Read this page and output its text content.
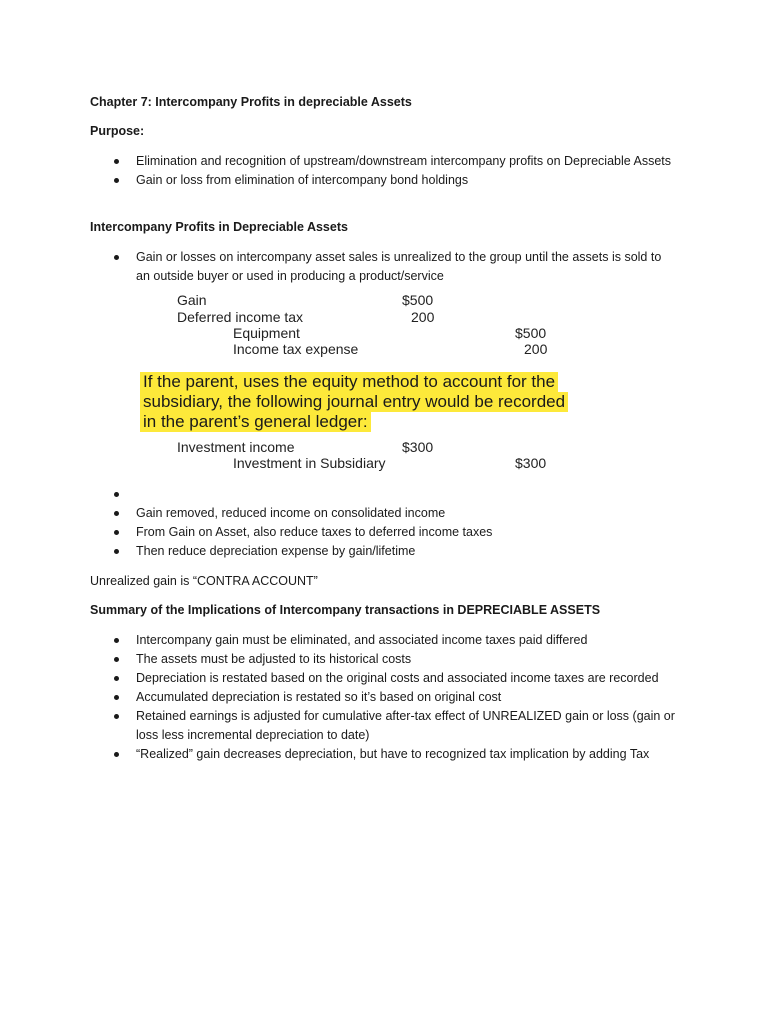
Chapter 7: Intercompany Profits in depreciable Assets

Purpose:

Elimination and recognition of upstream/downstream intercompany profits on Depreciable Assets
Gain or loss from elimination of intercompany bond holdings

Intercompany Profits in Depreciable Assets

Gain or losses on intercompany asset sales is unrealized to the group until the assets is sold to an outside buyer or used in producing a product/service
Gain	$500
Deferred income tax	200
Equipment	$500
Income tax expense	200
If the parent, uses the equity method to account for the
subsidiary, the following journal entry would be recorded
in the parent’s general ledger:
Investment income	$300
Investment in Subsidiary	$300

Gain removed, reduced income on consolidated income
From Gain on Asset, also reduce taxes to deferred income taxes
Then reduce depreciation expense by gain/lifetime

Unrealized gain is “CONTRA ACCOUNT”

Summary of the Implications of Intercompany transactions in DEPRECIABLE ASSETS

Intercompany gain must be eliminated, and associated income taxes paid differed
The assets must be adjusted to its historical costs
Depreciation is restated based on the original costs and associated income taxes are recorded
Accumulated depreciation is restated so it’s based on original cost
Retained earnings is adjusted for cumulative after-tax effect of UNREALIZED gain or loss (gain or loss less incremental depreciation to date)
“Realized” gain decreases depreciation, but have to recognized tax implication by adding Tax
